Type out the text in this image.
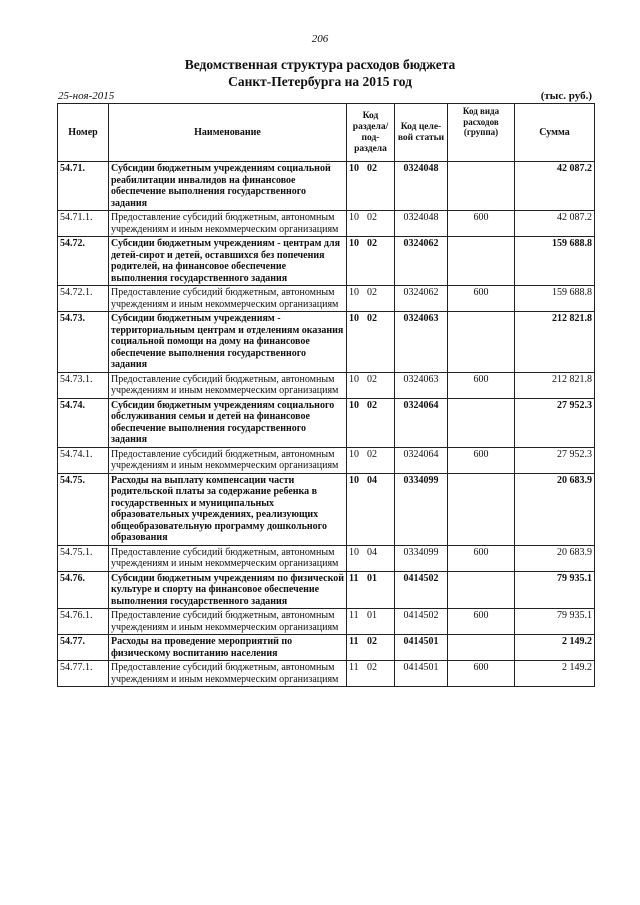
206
Ведомственная структура расходов бюджета
Санкт-Петербурга на 2015 год
25-ноя-2015	(тыс. руб.)
Номер	Наименование	Код раздела/ под-раздела	Код целе-вой статьи	Код вида расходов (группа)	Сумма
54.71.	Субсидии бюджетным учреждениям социальной реабилитации инвалидов на финансовое обеспечение выполнения государственного задания	10 02	0324048		42 087.2
54.71.1.	Предоставление субсидий бюджетным, автономным учреждениям и иным некоммерческим организациям	10 02	0324048	600	42 087.2
54.72.	Субсидии бюджетным учреждениям - центрам для детей-сирот и детей, оставшихся без попечения родителей, на финансовое обеспечение выполнения государственного задания	10 02	0324062		159 688.8
54.72.1.	Предоставление субсидий бюджетным, автономным учреждениям и иным некоммерческим организациям	10 02	0324062	600	159 688.8
54.73.	Субсидии бюджетным учреждениям - территориальным центрам и отделениям оказания социальной помощи на дому на финансовое обеспечение выполнения государственного задания	10 02	0324063		212 821.8
54.73.1.	Предоставление субсидий бюджетным, автономным учреждениям и иным некоммерческим организациям	10 02	0324063	600	212 821.8
54.74.	Субсидии бюджетным учреждениям социального обслуживания семьи и детей на финансовое обеспечение выполнения государственного задания	10 02	0324064		27 952.3
54.74.1.	Предоставление субсидий бюджетным, автономным учреждениям и иным некоммерческим организациям	10 02	0324064	600	27 952.3
54.75.	Расходы на выплату компенсации части родительской платы за содержание ребенка в государственных и муниципальных образовательных учреждениях, реализующих общеобразовательную программу дошкольного образования	10 04	0334099		20 683.9
54.75.1.	Предоставление субсидий бюджетным, автономным учреждениям и иным некоммерческим организациям	10 04	0334099	600	20 683.9
54.76.	Субсидии бюджетным учреждениям по физической культуре и спорту на финансовое обеспечение выполнения государственного задания	11 01	0414502		79 935.1
54.76.1.	Предоставление субсидий бюджетным, автономным учреждениям и иным некоммерческим организациям	11 01	0414502	600	79 935.1
54.77.	Расходы на проведение мероприятий по физическому воспитанию населения	11 02	0414501		2 149.2
54.77.1.	Предоставление субсидий бюджетным, автономным учреждениям и иным некоммерческим организациям	11 02	0414501	600	2 149.2
